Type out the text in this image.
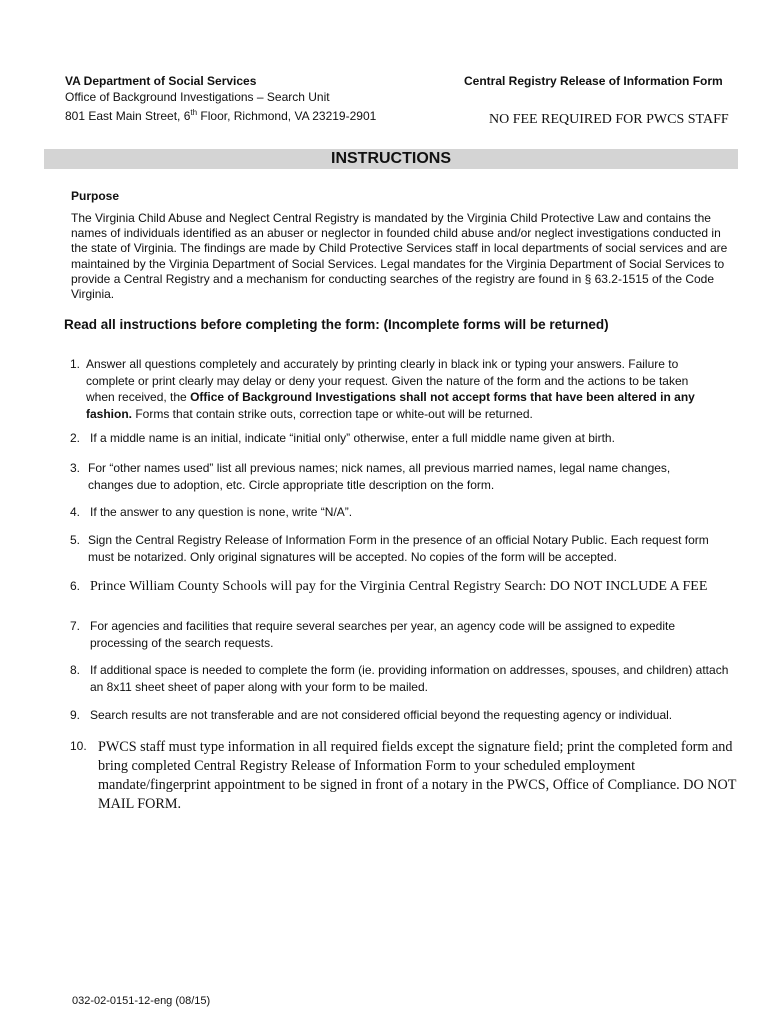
VA Department of Social Services
Office of Background Investigations – Search Unit
801 East Main Street, 6th Floor, Richmond, VA 23219-2901
Central Registry Release of Information Form
NO FEE REQUIRED FOR PWCS STAFF
INSTRUCTIONS
Purpose
The Virginia Child Abuse and Neglect Central Registry is mandated by the Virginia Child Protective Law and contains the names of individuals identified as an abuser or neglector in founded child abuse and/or neglect investigations conducted in the state of Virginia. The findings are made by Child Protective Services staff in local departments of social services and are maintained by the Virginia Department of Social Services. Legal mandates for the Virginia Department of Social Services to provide a Central Registry and a mechanism for conducting searches of the registry are found in § 63.2-1515 of the Code Virginia.
Read all instructions before completing the form: (Incomplete forms will be returned)
1. Answer all questions completely and accurately by printing clearly in black ink or typing your answers. Failure to complete or print clearly may delay or deny your request. Given the nature of the form and the actions to be taken when received, the Office of Background Investigations shall not accept forms that have been altered in any fashion. Forms that contain strike outs, correction tape or white-out will be returned.
2. If a middle name is an initial, indicate “initial only” otherwise, enter a full middle name given at birth.
3. For “other names used” list all previous names; nick names, all previous married names, legal name changes, changes due to adoption, etc. Circle appropriate title description on the form.
4. If the answer to any question is none, write “N/A”.
5. Sign the Central Registry Release of Information Form in the presence of an official Notary Public. Each request form must be notarized. Only original signatures will be accepted. No copies of the form will be accepted.
6. Prince William County Schools will pay for the Virginia Central Registry Search: DO NOT INCLUDE A FEE
7. For agencies and facilities that require several searches per year, an agency code will be assigned to expedite processing of the search requests.
8. If additional space is needed to complete the form (ie. providing information on addresses, spouses, and children) attach an 8x11 sheet sheet of paper along with your form to be mailed.
9. Search results are not transferable and are not considered official beyond the requesting agency or individual.
10. PWCS staff must type information in all required fields except the signature field; print the completed form and bring completed Central Registry Release of Information Form to your scheduled employment mandate/fingerprint appointment to be signed in front of a notary in the PWCS, Office of Compliance. DO NOT MAIL FORM.
032-02-0151-12-eng (08/15)
